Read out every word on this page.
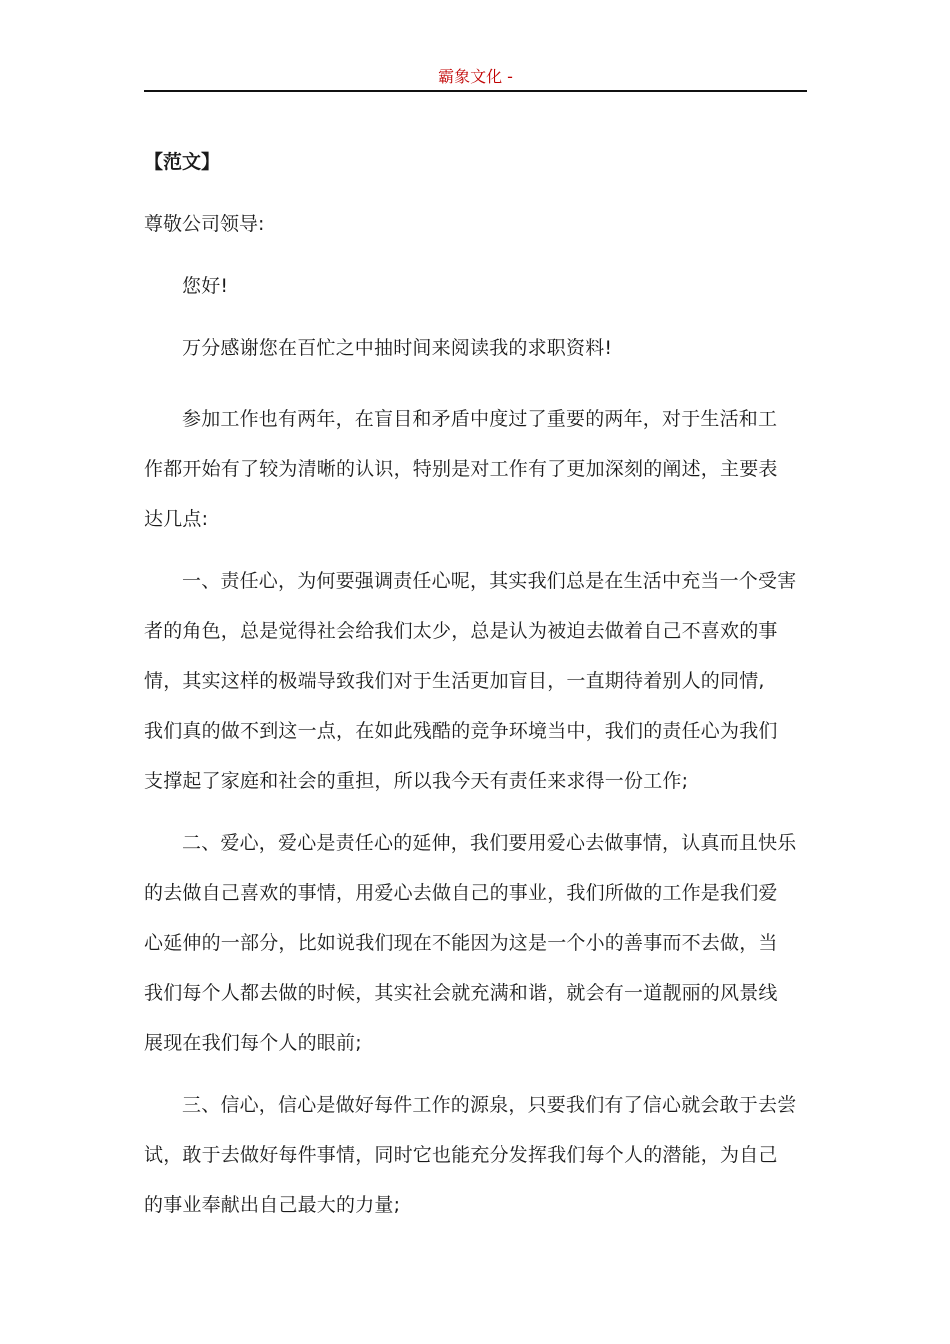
霸象文化 -
【范文】
尊敬公司领导:
您好!
万分感谢您在百忙之中抽时间来阅读我的求职资料!
参加工作也有两年，在盲目和矛盾中度过了重要的两年，对于生活和工
作都开始有了较为清晰的认识，特别是对工作有了更加深刻的阐述，主要表
达几点:
一、责任心，为何要强调责任心呢，其实我们总是在生活中充当一个受害
者的角色，总是觉得社会给我们太少，总是认为被迫去做着自己不喜欢的事
情，其实这样的极端导致我们对于生活更加盲目，一直期待着别人的同情,
我们真的做不到这一点，在如此残酷的竞争环境当中，我们的责任心为我们
支撑起了家庭和社会的重担，所以我今天有责任来求得一份工作;
二、爱心，爱心是责任心的延伸，我们要用爱心去做事情，认真而且快乐
的去做自己喜欢的事情，用爱心去做自己的事业，我们所做的工作是我们爱
心延伸的一部分，比如说我们现在不能因为这是一个小的善事而不去做，当
我们每个人都去做的时候，其实社会就充满和谐，就会有一道靓丽的风景线
展现在我们每个人的眼前;
三、信心，信心是做好每件工作的源泉，只要我们有了信心就会敢于去尝
试，敢于去做好每件事情，同时它也能充分发挥我们每个人的潜能，为自己
的事业奉献出自己最大的力量;
